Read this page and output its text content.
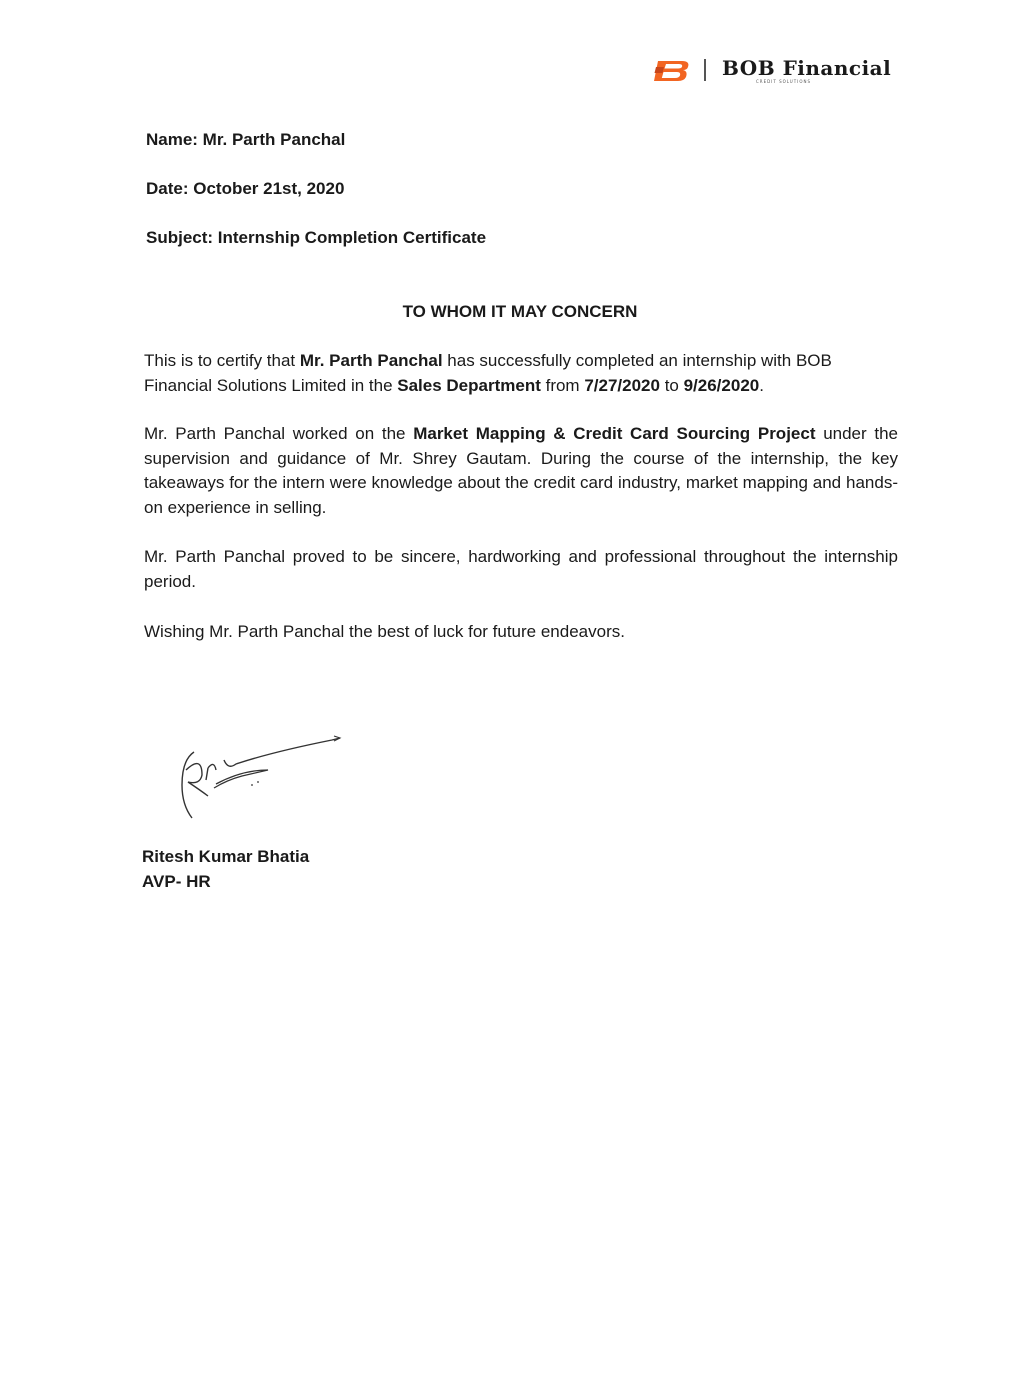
BOB Financial
CREDIT SOLUTIONS
Name: Mr. Parth Panchal
Date: October 21st, 2020
Subject: Internship Completion Certificate
TO WHOM IT MAY CONCERN

This is to certify that Mr. Parth Panchal has successfully completed an internship with BOB Financial Solutions Limited in the Sales Department from 7/27/2020 to 9/26/2020.

Mr. Parth Panchal worked on the Market Mapping & Credit Card Sourcing Project under the supervision and guidance of Mr. Shrey Gautam. During the course of the internship, the key takeaways for the intern were knowledge about the credit card industry, market mapping and hands-on experience in selling.

Mr. Parth Panchal proved to be sincere, hardworking and professional throughout the internship period.

Wishing Mr. Parth Panchal the best of luck for future endeavors.

Ritesh Kumar Bhatia
AVP- HR
